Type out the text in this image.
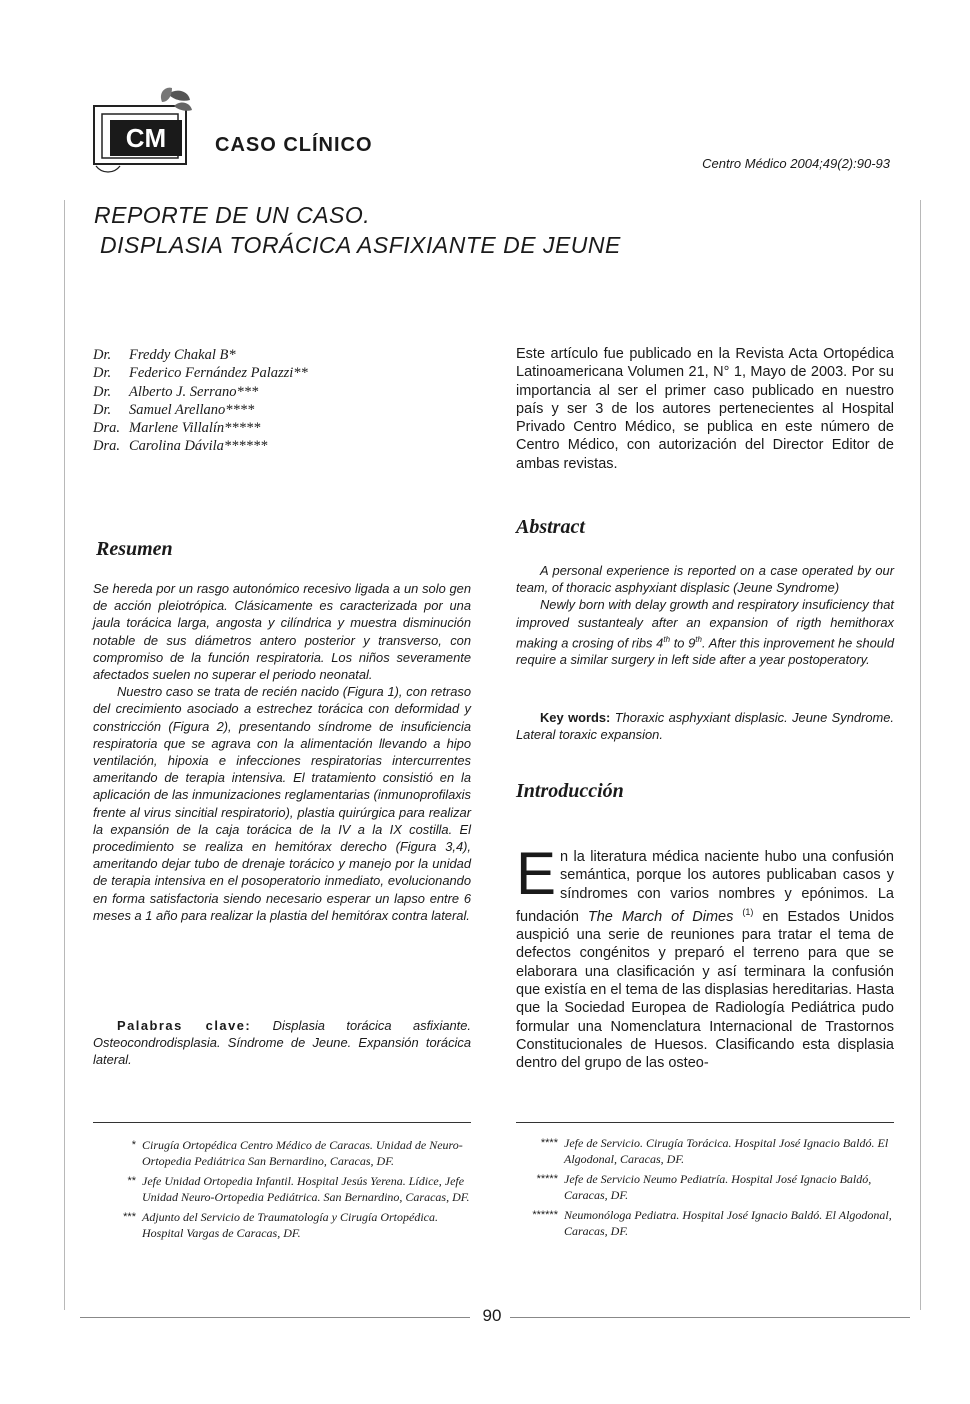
CM CASO CLÍNICO
Centro Médico 2004;49(2):90-93
REPORTE DE UN CASO.
DISPLASIA TORÁCICA ASFIXIANTE DE JEUNE
Dr. Freddy Chakal B*
Dr. Federico Fernández Palazzi**
Dr. Alberto J. Serrano***
Dr. Samuel Arellano****
Dra. Marlene Villalín*****
Dra. Carolina Dávila******
Este artículo fue publicado en la Revista Acta Ortopédica Latinoamericana Volumen 21, N° 1, Mayo de 2003. Por su importancia al ser el primer caso publicado en nuestro país y ser 3 de los autores pertenecientes al Hospital Privado Centro Médico, se publica en este número de Centro Médico, con autorización del Director Editor de ambas revistas.
Resumen

Se hereda por un rasgo autonómico recesivo ligada a un solo gen de acción pleiotrópica. Clásicamente es caracterizada por una jaula torácica larga, angosta y cilíndrica y muestra disminución notable de sus diámetros antero posterior y transverso, con compromiso de la función respiratoria. Los niños severamente afectados suelen no superar el periodo neonatal.

Nuestro caso se trata de recién nacido (Figura 1), con retraso del crecimiento asociado a estrechez torácica con deformidad y constricción (Figura 2), presentando síndrome de insuficiencia respiratoria que se agrava con la alimentación llevando a hipo ventilación, hipoxia e infecciones respiratorias intercurrentes ameritando de terapia intensiva. El tratamiento consistió en la aplicación de las inmunizaciones reglamentarias (inmunoprofilaxis frente al virus sincitial respiratorio), plastia quirúrgica para realizar la expansión de la caja torácica de la IV a la IX costilla. El procedimiento se realiza en hemitórax derecho (Figura 3,4), ameritando dejar tubo de drenaje torácico y manejo por la unidad de terapia intensiva en el posoperatorio inmediato, evolucionando en forma satisfactoria siendo necesario esperar un lapso entre 6 meses a 1 año para realizar la plastia del hemitórax contra lateral.

Palabras clave: Displasia torácica asfixiante. Osteocondrodisplasia. Síndrome de Jeune. Expansión torácica lateral.
Abstract

A personal experience is reported on a case operated by our team, of thoracic asphyxiant displasic (Jeune Syndrome)

Newly born with delay growth and respiratory insuficiency that improved sustantealy after an expansion of rigth hemithorax making a crosing of ribs 4th to 9th. After this inprovement he should require a similar surgery in left side after a year postoperatory.

Key words: Thoraxic asphyxiant displasic. Jeune Syndrome. Lateral toraxic expansion.
Introducción
En la literatura médica naciente hubo una confusión semántica, porque los autores publicaban casos y síndromes con varios nombres y epónimos. La fundación The March of Dimes $^{(1)}$ en Estados Unidos auspició una serie de reuniones para tratar el tema de defectos congénitos y preparó el terreno para que se elaborara una clasificación y así terminara la confusión que existía en el tema de las displasias hereditarias. Hasta que la Sociedad Europea de Radiología Pediátrica pudo formular una Nomenclatura Internacional de Trastornos Constitucionales de Huesos. Clasificando esta displasia dentro del grupo de las osteo-
* Cirugía Ortopédica Centro Médico de Caracas. Unidad de Neuro-Ortopedia Pediátrica San Bernardino, Caracas, DF.
** Jefe Unidad Ortopedia Infantil. Hospital Jesús Yerena. Lídice, Jefe Unidad Neuro-Ortopedia Pediátrica. San Bernardino, Caracas, DF.
*** Adjunto del Servicio de Traumatología y Cirugía Ortopédica. Hospital Vargas de Caracas, DF.
**** Jefe de Servicio. Cirugía Torácica. Hospital José Ignacio Baldó. El Algodonal, Caracas, DF.
***** Jefe de Servicio Neumo Pediatría. Hospital José Ignacio Baldó, Caracas, DF.
****** Neumonóloga Pediatra. Hospital José Ignacio Baldó. El Algodonal, Caracas, DF.
90
